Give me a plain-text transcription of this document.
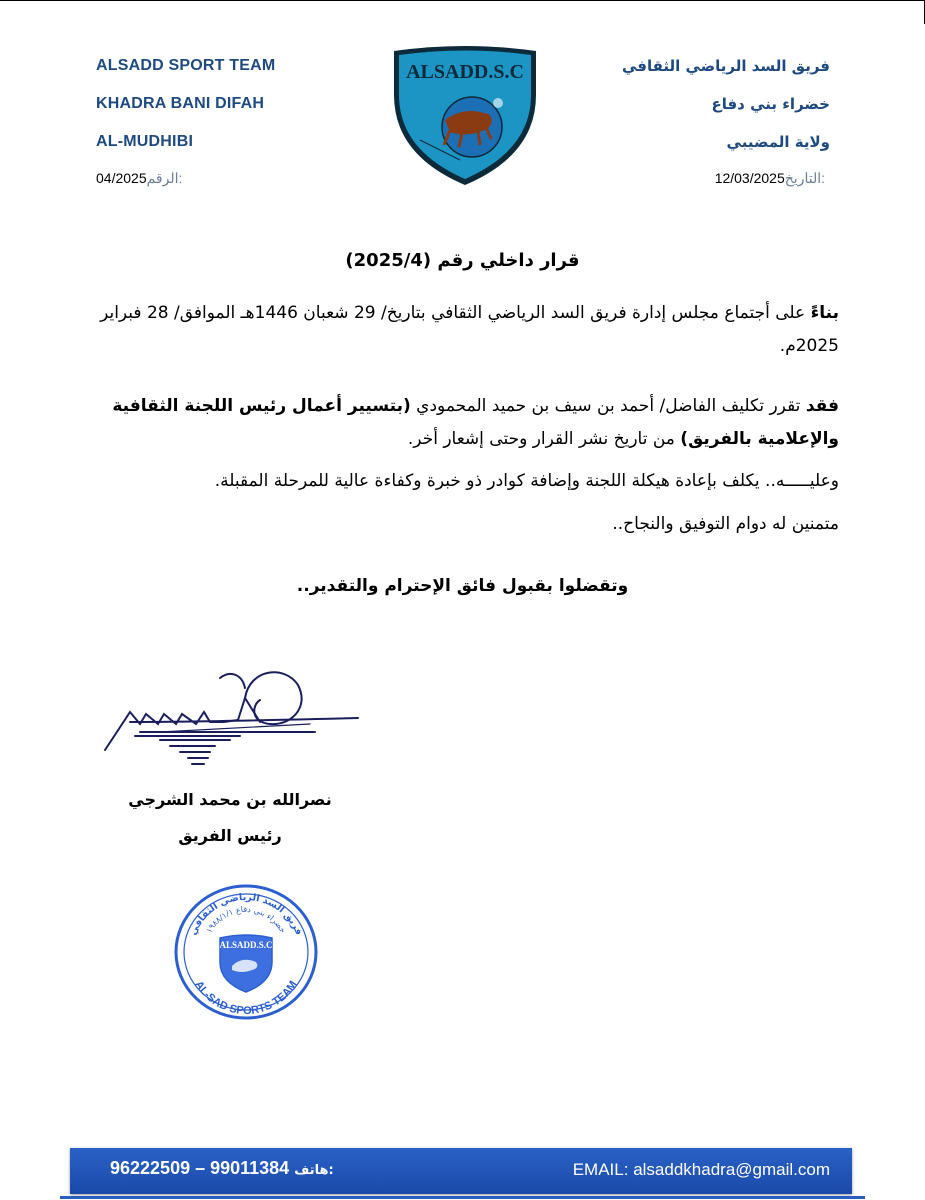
ALSADD SPORT TEAM
KHADRA BANI DIFAH
AL-MUDHIBI
فريق السد الرياضي الثقافي
خضراء بني دفاع
ولاية المضيبي
04/2025الرقم:	12/03/2025التاريخ:
ALSADD.S.C
قرار داخلي رقم (2025/4)
بناءً على أجتماع مجلس إدارة فريق السد الرياضي الثقافي بتاريخ/ 29 شعبان 1446هـ الموافق/ 28 فبراير 2025م.
فقد تقرر تكليف الفاضل/ أحمد بن سيف بن حميد المحمودي (بتسيير أعمال رئيس اللجنة الثقافية والإعلامية بالفريق) من تاريخ نشر القرار وحتى إشعار أخر.
وعليـــــه.. يكلف بإعادة هيكلة اللجنة وإضافة كوادر ذو خبرة وكفاءة عالية للمرحلة المقبلة.
متمنين له دوام التوفيق والنجاح..
وتقضلوا بقبول فائق الإحترام والتقدير..
نصرالله بن محمد الشرجي
رئيس الفريق
فريق السد الرياضي الثقافي
خضراء بني دفاع ١٩٨٨/١/١
ALSADD.S.C
AL-SAD SPORTS TEAM
96222509 – 99011384 هاتف:	EMAIL: alsaddkhadra@gmail.com
